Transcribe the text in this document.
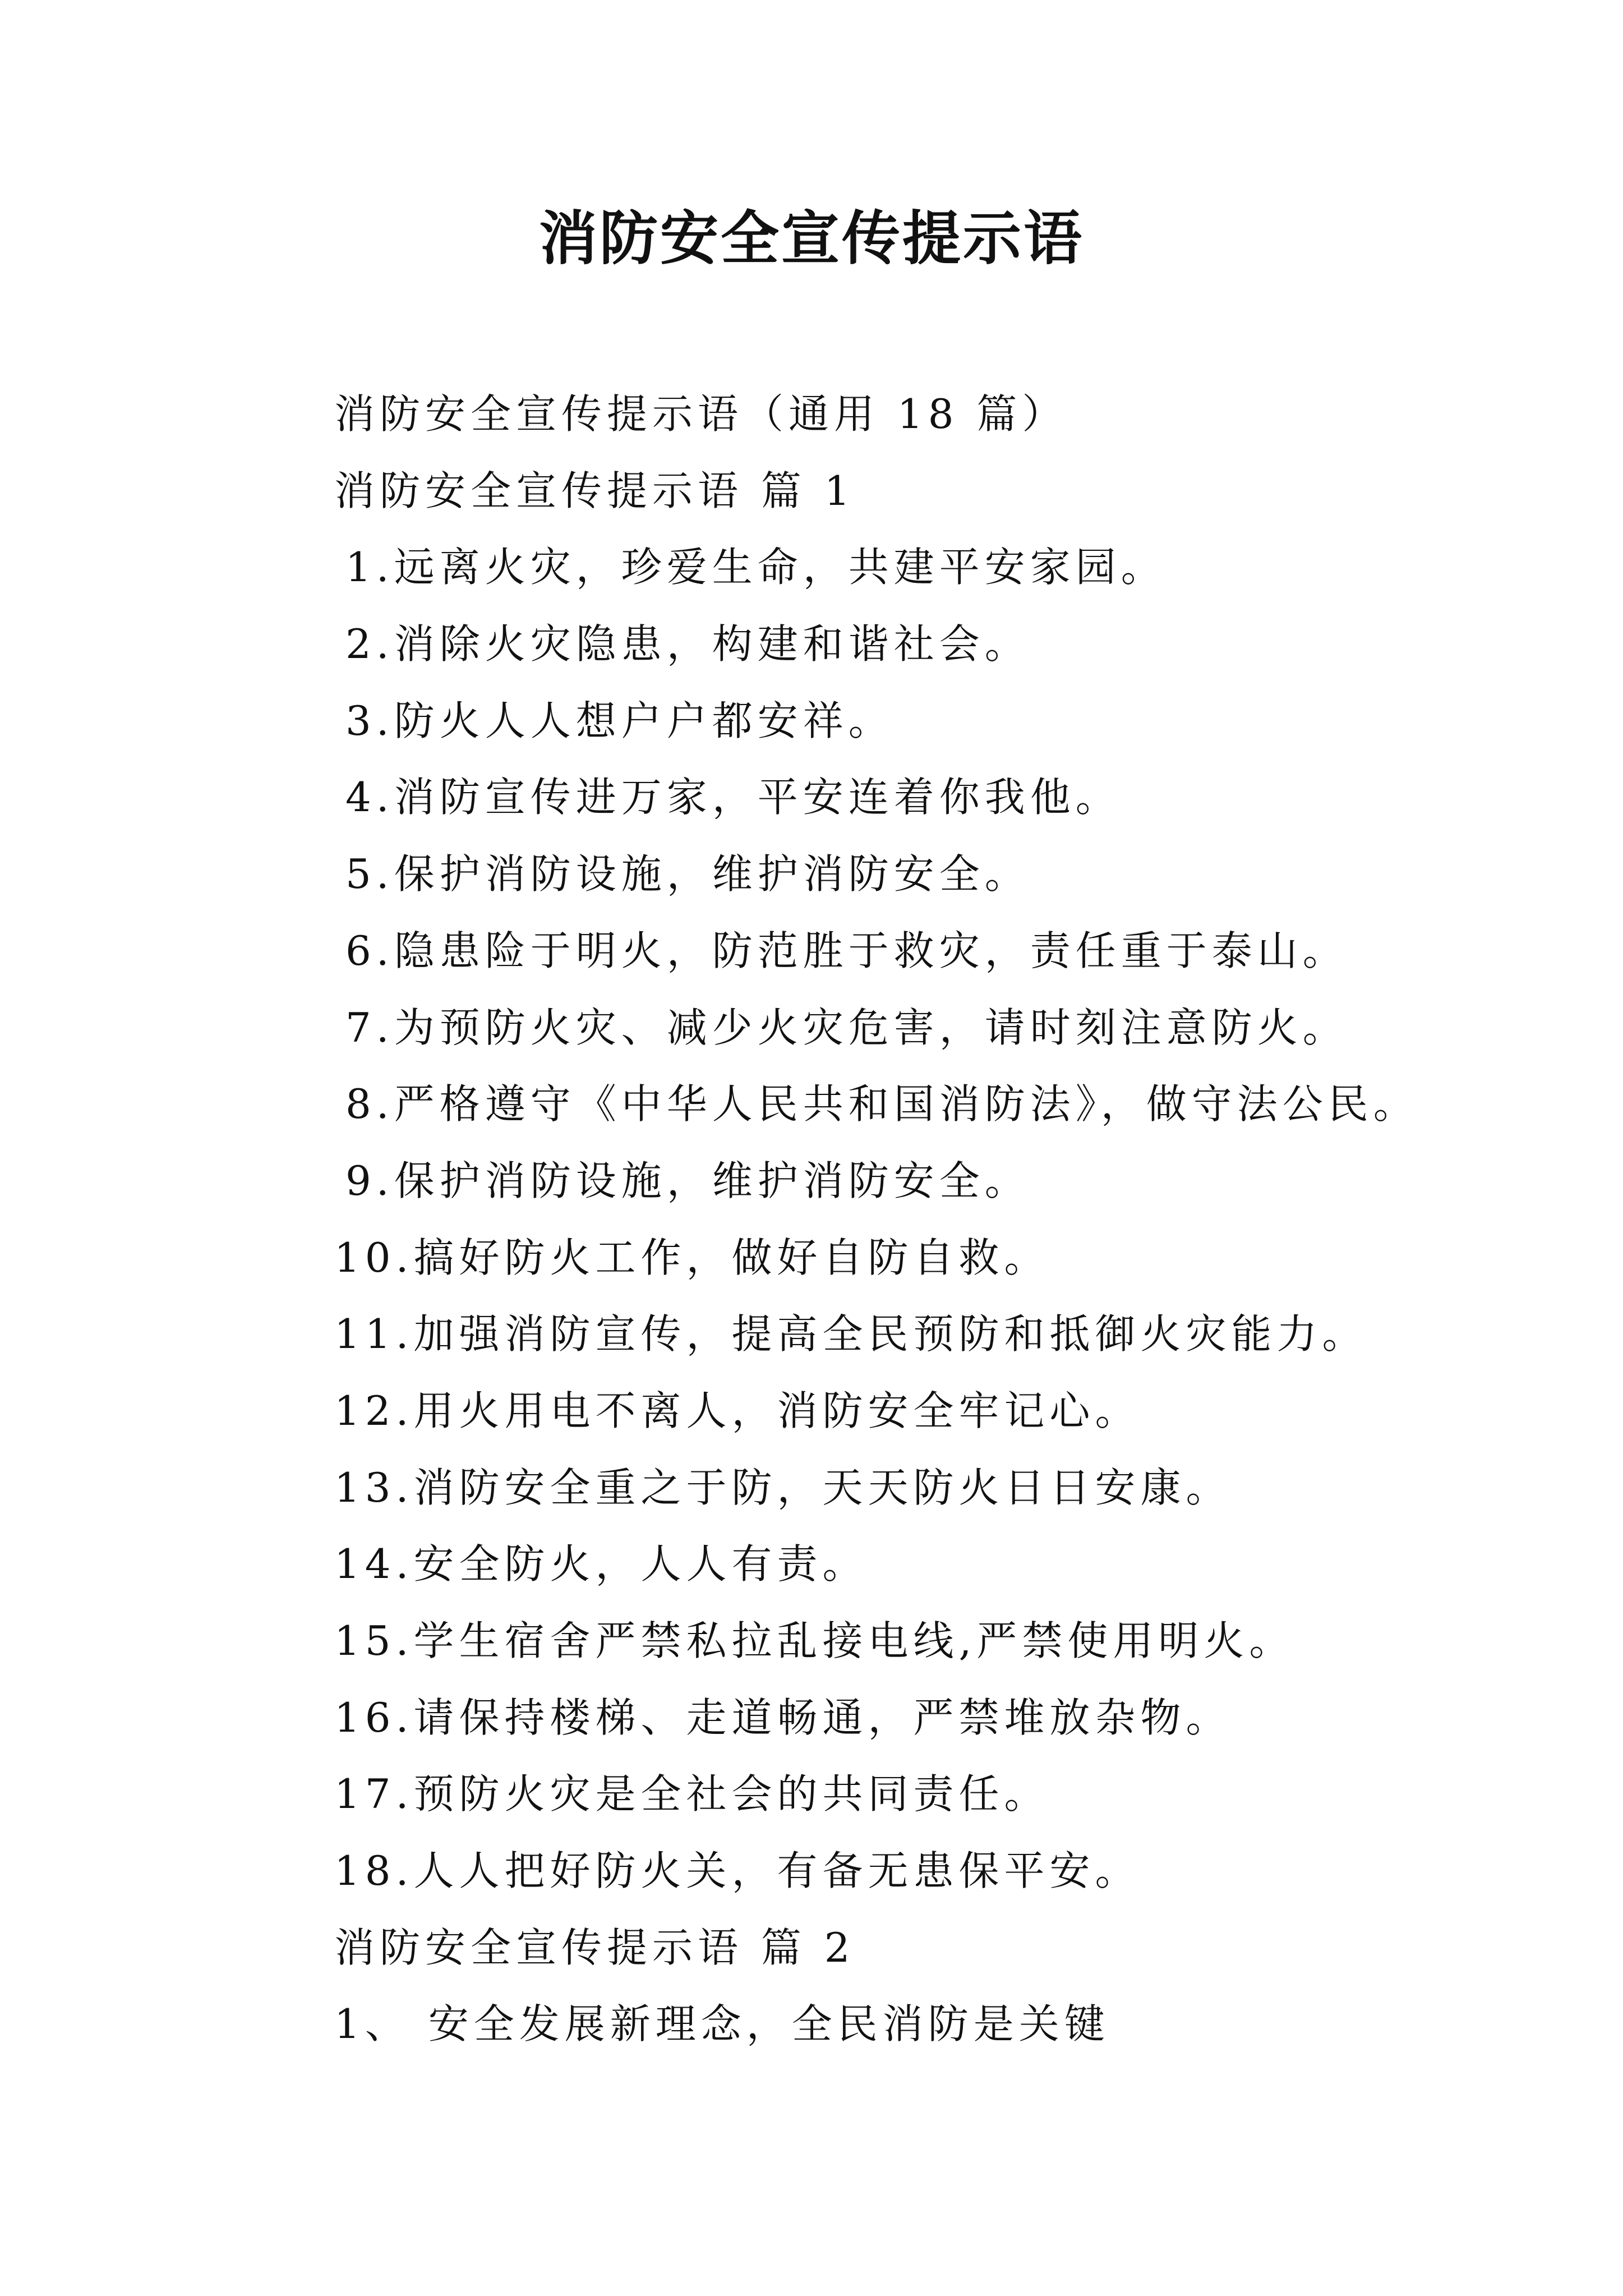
消防安全宣传提示语
消防安全宣传提示语（通用 18 篇）
消防安全宣传提示语 篇 1
1.远离火灾，珍爱生命，共建平安家园。
2.消除火灾隐患，构建和谐社会。
3.防火人人想户户都安祥。
4.消防宣传进万家，平安连着你我他。
5.保护消防设施，维护消防安全。
6.隐患险于明火，防范胜于救灾，责任重于泰山。
7.为预防火灾、减少火灾危害，请时刻注意防火。
8.严格遵守《中华人民共和国消防法》，做守法公民。
9.保护消防设施，维护消防安全。
10.搞好防火工作，做好自防自救。
11.加强消防宣传，提高全民预防和抵御火灾能力。
12.用火用电不离人，消防安全牢记心。
13.消防安全重之于防，天天防火日日安康。
14.安全防火，人人有责。
15.学生宿舍严禁私拉乱接电线,严禁使用明火。
16.请保持楼梯、走道畅通，严禁堆放杂物。
17.预防火灾是全社会的共同责任。
18.人人把好防火关，有备无患保平安。
消防安全宣传提示语 篇 2
1、 安全发展新理念，全民消防是关键
